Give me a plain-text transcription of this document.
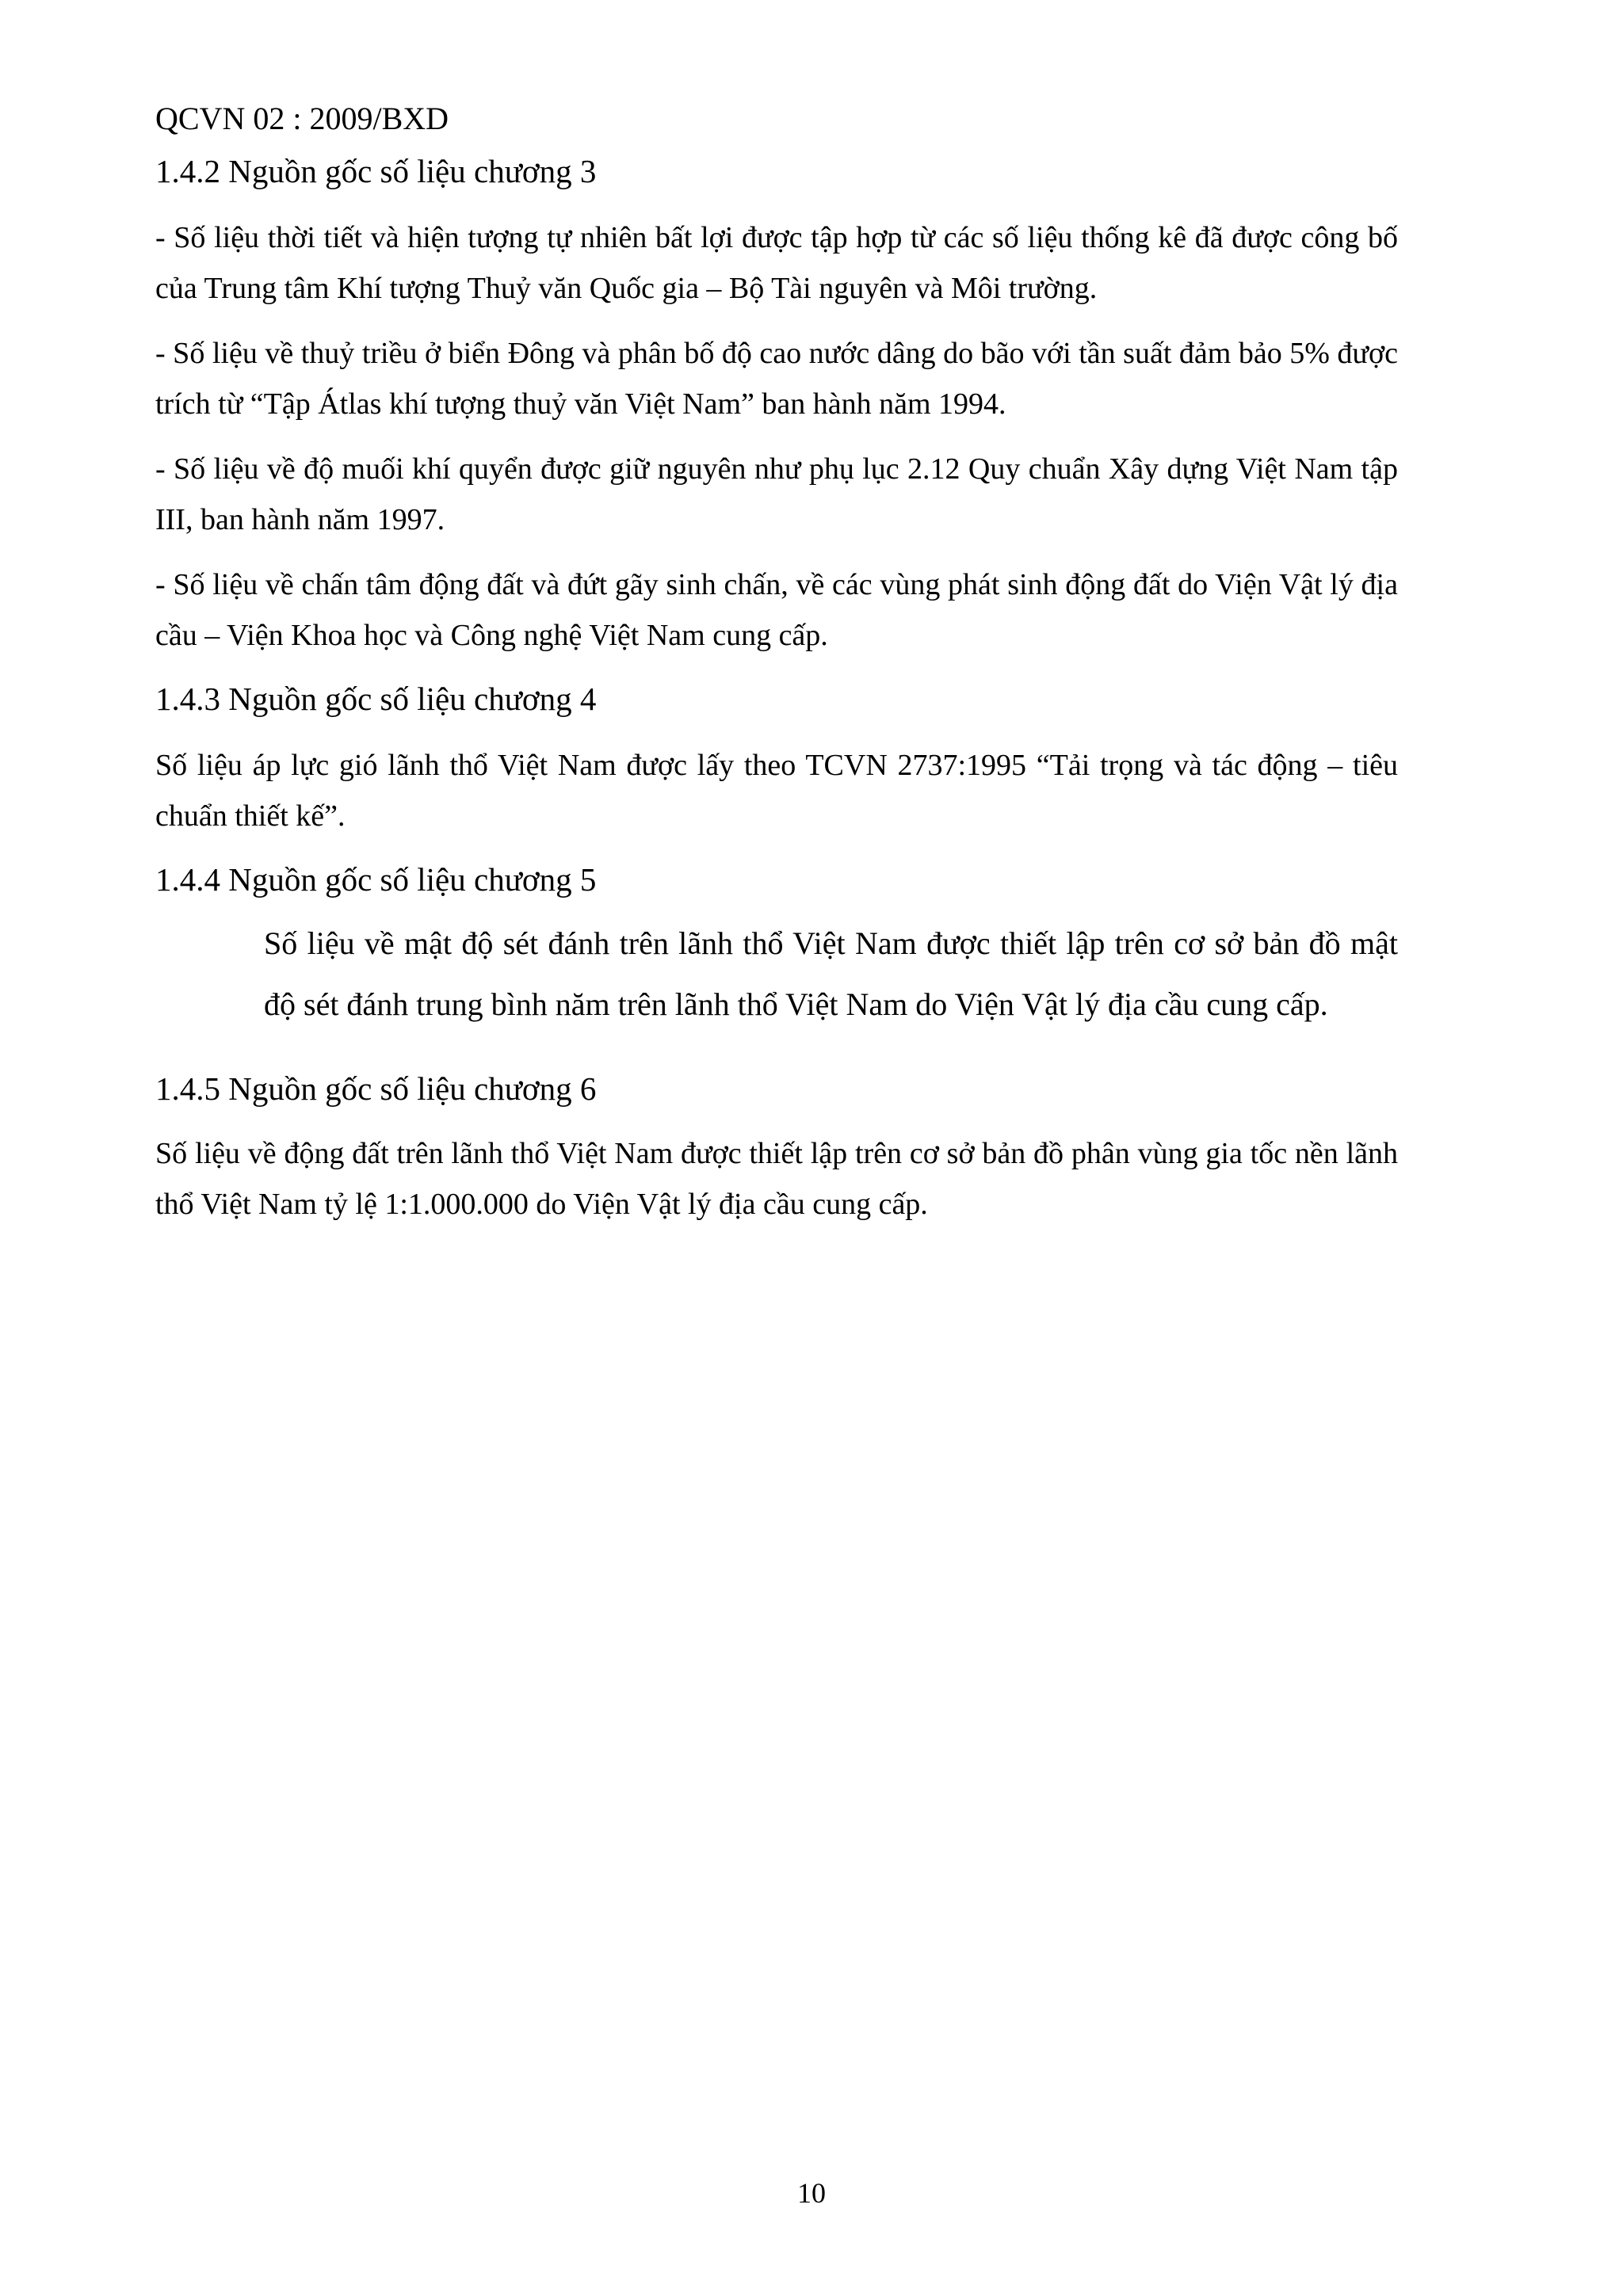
QCVN 02 : 2009/BXD
1.4.2 Nguồn gốc số liệu chương 3

- Số liệu thời tiết và hiện tượng tự nhiên bất lợi được tập hợp từ các số liệu thống kê đã được công bố của Trung tâm Khí tượng Thuỷ văn Quốc gia – Bộ Tài nguyên và Môi trường.

- Số liệu về thuỷ triều ở biển Đông và phân bố độ cao nước dâng do bão với tần suất đảm bảo 5% được trích từ “Tập Átlas khí tượng thuỷ văn Việt Nam” ban hành năm 1994.

- Số liệu về độ muối khí quyển được giữ nguyên như phụ lục 2.12 Quy chuẩn Xây dựng Việt Nam tập III, ban hành năm 1997.

- Số liệu về chấn tâm động đất và đứt gãy sinh chấn, về các vùng phát sinh động đất do Viện Vật lý địa cầu – Viện Khoa học và Công nghệ Việt Nam cung cấp.

1.4.3 Nguồn gốc số liệu chương 4

Số liệu áp lực gió lãnh thổ Việt Nam được lấy theo TCVN 2737:1995 “Tải trọng và tác động – tiêu chuẩn thiết kế”.

1.4.4 Nguồn gốc số liệu chương 5

Số liệu về mật độ sét đánh trên lãnh thổ Việt Nam được thiết lập trên cơ sở bản đồ mật độ sét đánh trung bình năm trên lãnh thổ Việt Nam do Viện Vật lý địa cầu cung cấp.

1.4.5 Nguồn gốc số liệu chương 6

Số liệu về động đất trên lãnh thổ Việt Nam được thiết lập trên cơ sở bản đồ phân vùng gia tốc nền lãnh thổ Việt Nam tỷ lệ 1:1.000.000 do Viện Vật lý địa cầu cung cấp.

10
